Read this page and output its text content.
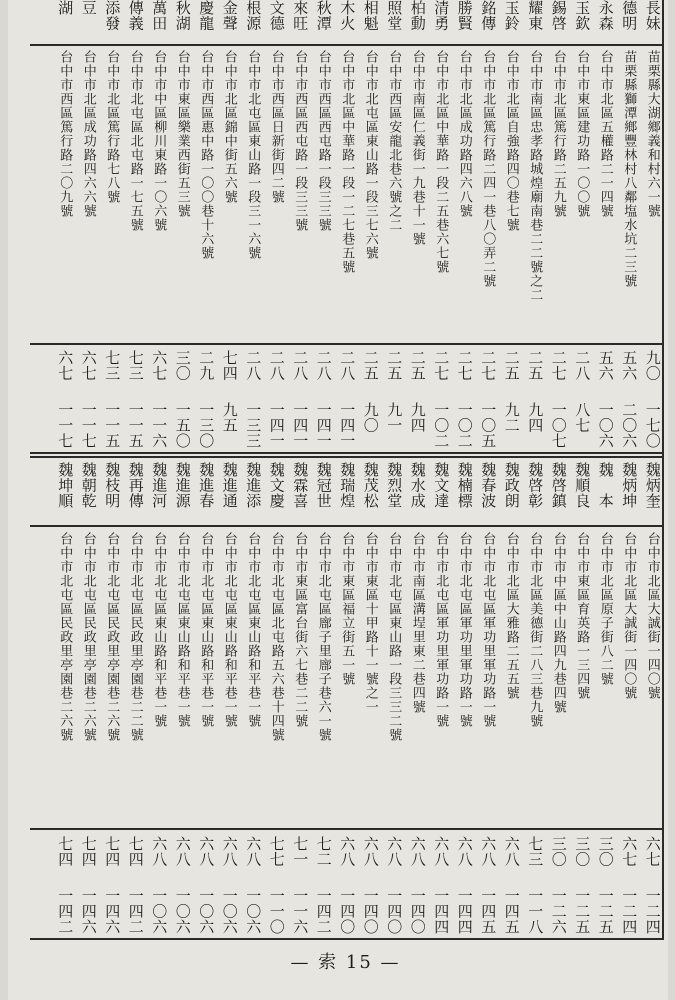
長妹
德明
永森
玉欽
錫啓
耀東
玉鈴
銘傳
勝賢
清勇
柏動
照堂
相魁
木火
秋潭
來旺
文德
根源
金聲
慶龍
秋湖
萬田
傳義
添發
豆
湖
苗栗縣大湖鄉義和村六一號
苗栗縣獅潭鄉豐林村八鄰塩水坑二三號
台中市北區五權路二一四號
台中市東區建功路一〇〇號
台中市北區篤行路二五九號
台中市南區忠孝路城煌廟南巷二二號之二
台中市北區自強路四〇巷七號
台中市北區篤行路二四一巷八〇弄二號
台中市北區成功路四六八號
台中市北區中華路一段二五巷六七號
台中市南區仁義街一九巷十一號
台中市西區安龍北巷六號之二
台中市北屯區東山路一段三七六號
台中市北區中華路一段一二七巷五號
台中市西區西屯路一段三三號
台中市西區西屯路一段三三號
台中市西區日新街四二號
台中市北屯區東山路一段三一六號
台中市北區錦中街五六號
台中市西區惠中路一〇〇巷十六號
台中市東區樂業西街五三號
台中市中區柳川東路一〇六號
台中市北屯區北屯路一七五號
台中市北區篤行路七八號
台中市北區成功路四六六號
台中市西區篤行路二〇九號
九〇
五六
五六
二八
二七
二五
二五
二七
二七
二七
二五
二五
二五
二八
二八
二八
二八
二八
七四
二九
三〇
六七
七三
七三
六七
六七
一七〇
二〇六
一〇六
八七
一〇七
九四
九二
一〇五
一〇二
一〇二
九四
九一
九〇
一四一
一四一
一四一
一四一
一三三
九五
一三〇
一五〇
一一六
一一五
一一五
一一七
一一七
魏炳奎
魏炳坤
魏　本
魏順良
魏啓鎮
魏啓彰
魏政朗
魏春波
魏楠標
魏文達
魏水成
魏烈堂
魏茂松
魏瑞煌
魏冠世
魏霖喜
魏文慶
魏進添
魏進通
魏進春
魏進源
魏進河
魏再傳
魏枝明
魏朝乾
魏坤順
台中市北區大誠街一四〇號
台中市北區大誠街一四〇號
台中市北區原子街八二號
台中市東區育英路一三四號
台中市中區中山路四九巷四號
台中市北區美德街二八三巷九號
台中市北區大雅路二五五號
台中市北屯區軍功里軍功路一號
台中市北屯區軍功里軍功路一號
台中市北屯區軍功里軍功路一號
台中市南區溝埕里東二巷四號
台中市北屯區東山路一段三三二號
台中市東區十甲路十一號之一
台中市東區福立街五一號
台中市北屯區廍子里廍子巷六一號
台中市東區富台街六七巷二二號
台中市北屯區北屯路五六巷十四號
台中市北屯區東山路和平巷一號
台中市北屯區東山路和平巷一號
台中市北屯區東山路和平巷一號
台中市北屯區東山路和平巷一號
台中市北屯區東山路和平巷一號
台中市北屯區民政里亭園巷二二號
台中市北屯區民政里亭園巷二六號
台中市北屯區民政里亭園巷二六號
台中市北屯區民政里亭園巷二六號
六七
六七
三〇
三〇
三〇
七三
六八
六八
六八
六八
六八
六八
六八
六八
七二
七一
七七
六八
六八
六八
六八
六八
七四
七四
七四
七四
一二四
一二四
一二五
一二五
一二六
一一八
一四五
一四五
一四四
一四四
一四〇
一四〇
一四〇
一四〇
一四二
一一六
一一〇
一〇六
一〇六
一〇六
一〇六
一〇六
一四二
一四六
一四六
一四二
— 索 15 —
